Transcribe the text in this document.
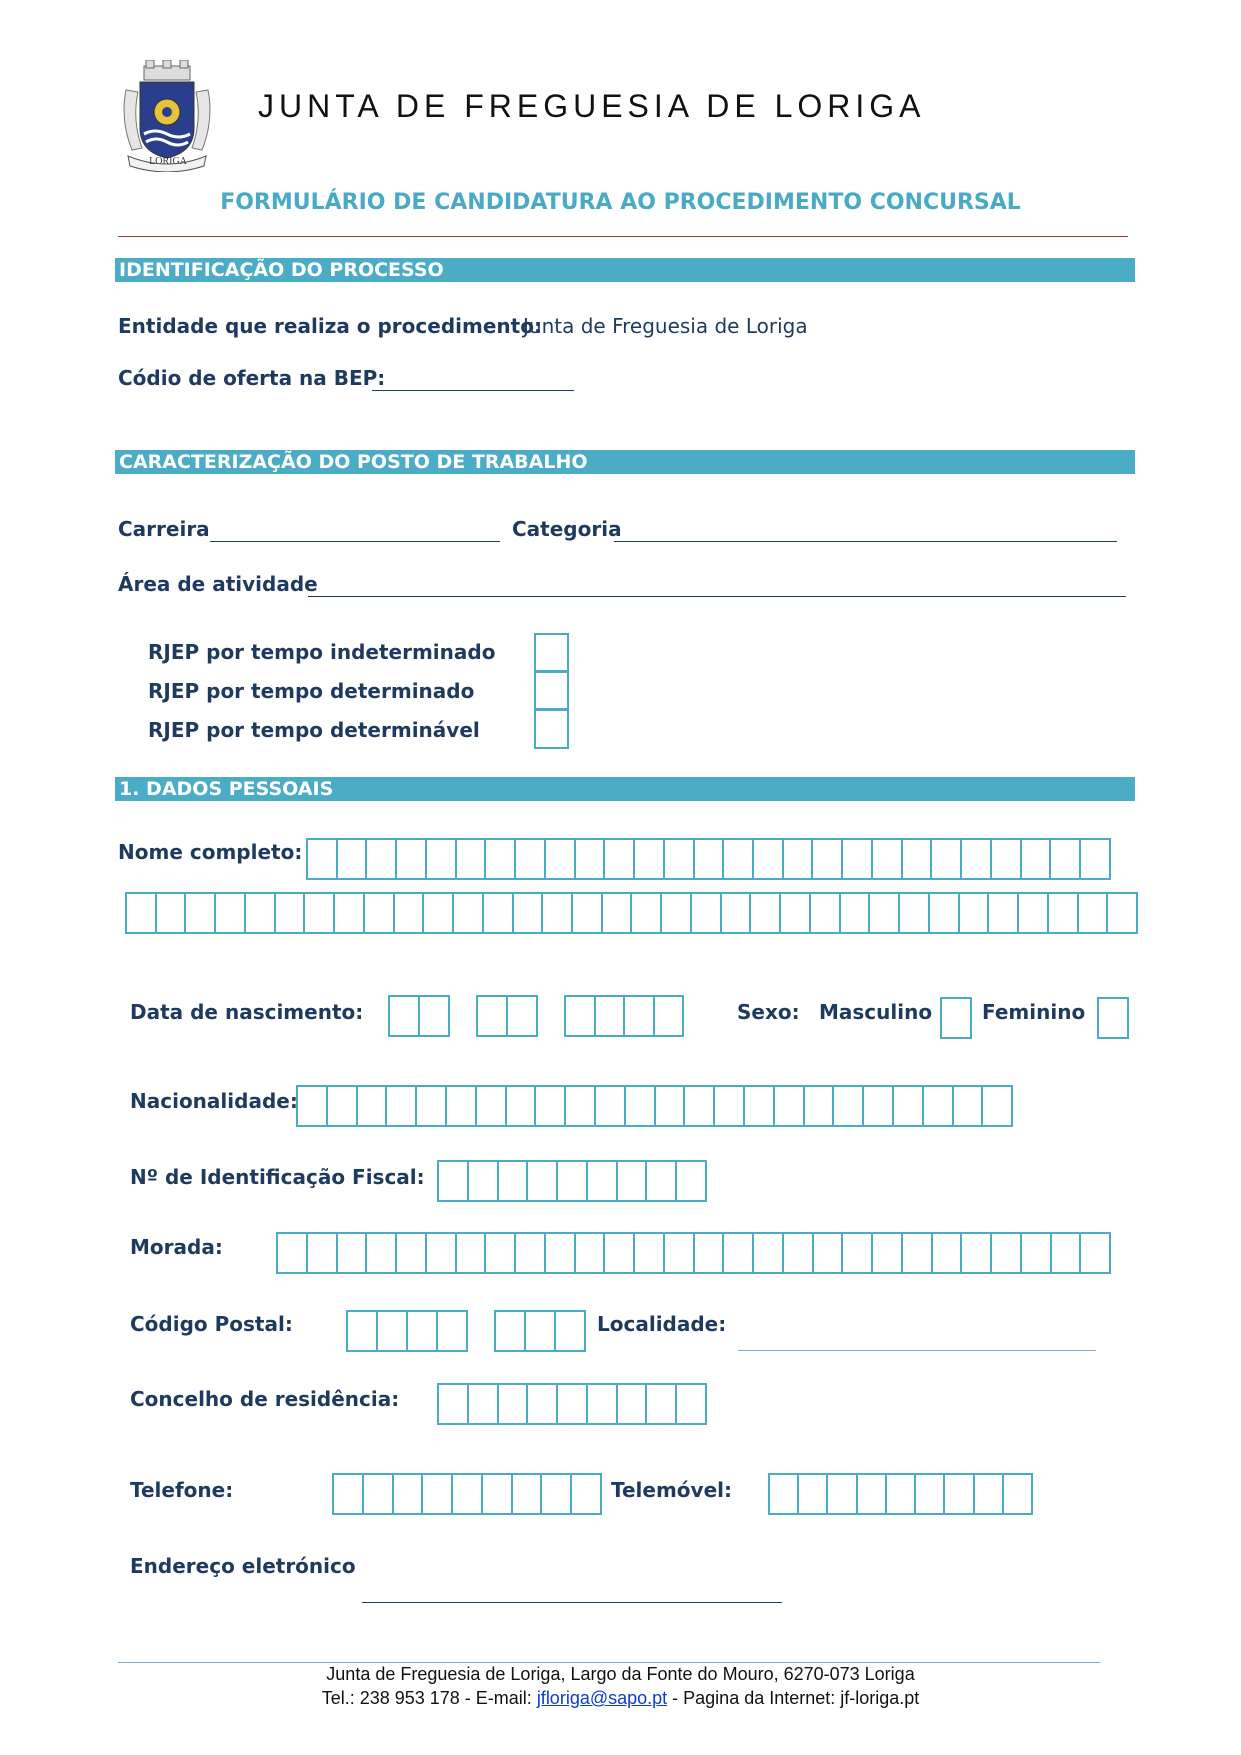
LORIGA
JUNTA DE FREGUESIA DE LORIGA
FORMULÁRIO DE CANDIDATURA AO PROCEDIMENTO CONCURSAL
IDENTIFICAÇÃO DO PROCESSO
Entidade que realiza o procedimento:
Junta de Freguesia de Loriga
Códio de oferta na BEP:
CARACTERIZAÇÃO DO POSTO DE TRABALHO
Carreira	Categoria
Área de atividade
RJEP por tempo indeterminado
RJEP por tempo determinado
RJEP por tempo determinável
1. DADOS PESSOAIS
Nome completo:
Data de nascimento:	Sexo: Masculino Feminino
Nacionalidade:
Nº de Identificação Fiscal:
Morada:
Código Postal:	Localidade:
Concelho de residência:
Telefone:	Telemóvel:
Endereço eletrónico
Junta de Freguesia de Loriga, Largo da Fonte do Mouro, 6270-073 Loriga
Tel.: 238 953 178 - E-mail: jfloriga@sapo.pt - Pagina da Internet: jf-loriga.pt
